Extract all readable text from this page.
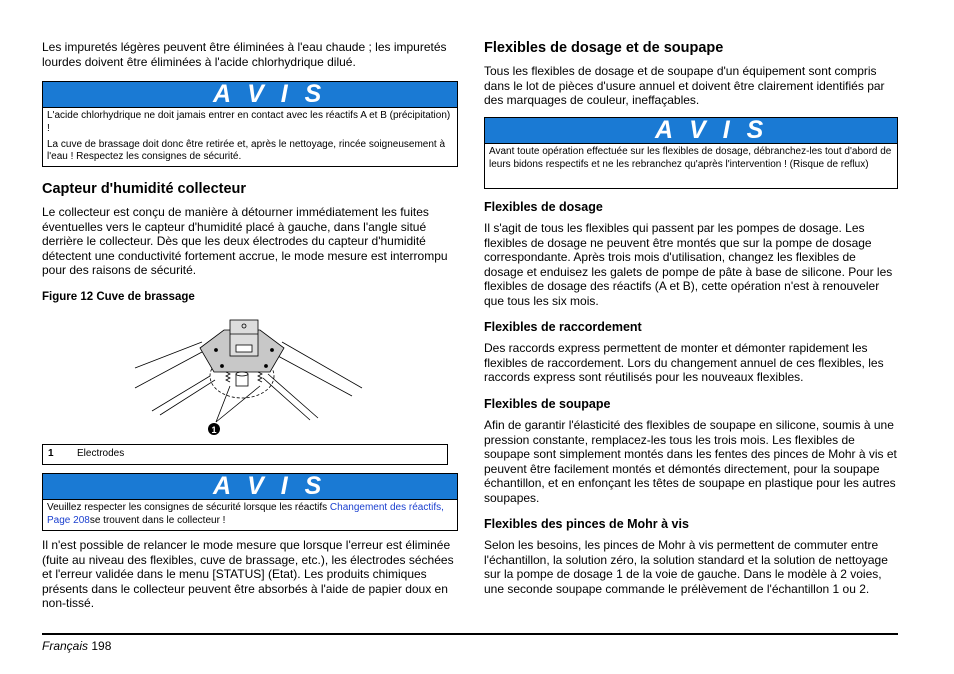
Les impuretés légères peuvent être éliminées à l'eau chaude ; les impuretés lourdes doivent être éliminées à l'acide chlorhydrique dilué.

A V I S

L'acide chlorhydrique ne doit jamais entrer en contact avec les réactifs A et B (précipitation) !

La cuve de brassage doit donc être retirée et, après le nettoyage, rincée soigneusement à l'eau ! Respectez les consignes de sécurité.

Capteur d'humidité collecteur

Le collecteur est conçu de manière à détourner immédiatement les fuites éventuelles vers le capteur d'humidité placé à gauche, dans l'angle situé derrière le collecteur. Dès que les deux électrodes du capteur d'humidité détectent une conductivité fortement accrue, le mode mesure est interrompu pour des raisons de sécurité.

Figure 12 Cuve de brassage
1
1 Electrodes
A V I S

Veuillez respecter les consignes de sécurité lorsque les réactifs Changement des réactifs, Page 208se trouvent dans le collecteur !

Il n'est possible de relancer le mode mesure que lorsque l'erreur est éliminée (fuite au niveau des flexibles, cuve de brassage, etc.), les électrodes séchées et l'erreur validée dans le menu [STATUS] (Etat). Les produits chimiques présents dans le collecteur peuvent être absorbés à l'aide de papier doux en non-tissé.

Flexibles de dosage et de soupape

Tous les flexibles de dosage et de soupape d'un équipement sont compris dans le lot de pièces d'usure annuel et doivent être clairement identifiés par des marquages de couleur, ineffaçables.

A V I S

Avant toute opération effectuée sur les flexibles de dosage, débranchez-les tout d'abord de leurs bidons respectifs et ne les rebranchez qu'après l'intervention ! (Risque de reflux)

Flexibles de dosage

Il s'agit de tous les flexibles qui passent par les pompes de dosage. Les flexibles de dosage ne peuvent être montés que sur la pompe de dosage correspondante. Après trois mois d'utilisation, changez les flexibles de dosage et enduisez les galets de pompe de pâte à base de silicone. Pour les flexibles de dosage des réactifs (A et B), cette opération n'est à renouveler que tous les six mois.

Flexibles de raccordement

Des raccords express permettent de monter et démonter rapidement les flexibles de raccordement. Lors du changement annuel de ces flexibles, les raccords express sont réutilisés pour les nouveaux flexibles.

Flexibles de soupape

Afin de garantir l'élasticité des flexibles de soupape en silicone, soumis à une pression constante, remplacez-les tous les trois mois. Les flexibles de soupape sont simplement montés dans les fentes des pinces de Mohr à vis et peuvent être facilement montés et démontés directement, pour la soupape échantillon, et en enfonçant les têtes de soupape en plastique pour les autres soupapes.

Flexibles des pinces de Mohr à vis

Selon les besoins, les pinces de Mohr à vis permettent de commuter entre l'échantillon, la solution zéro, la solution standard et la solution de nettoyage sur la pompe de dosage 1 de la voie de gauche. Dans le modèle à 2 voies, une seconde soupape commande le prélèvement de l'échantillon 1 ou 2.

Français 198
